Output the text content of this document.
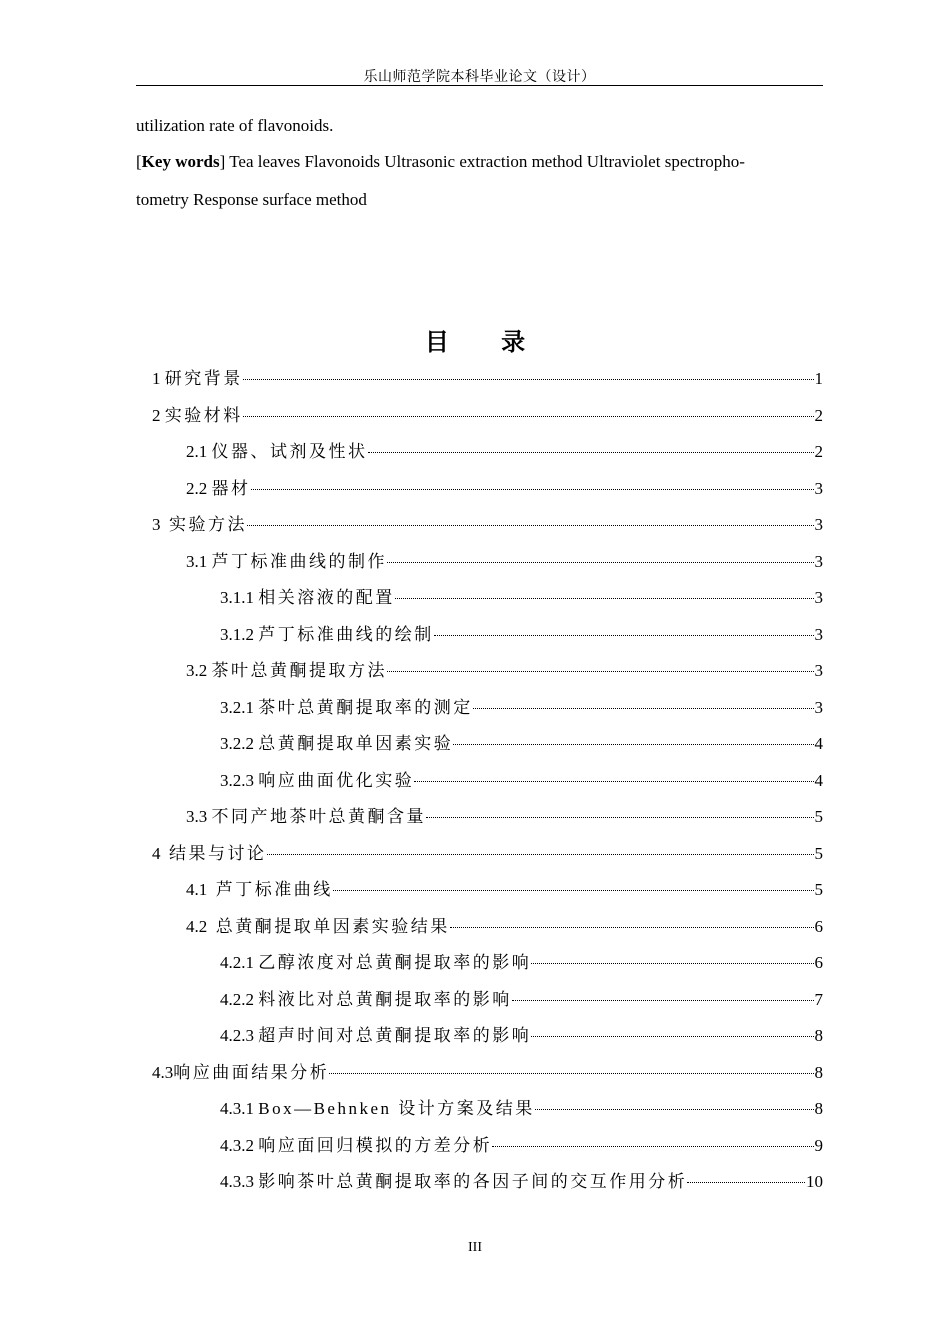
乐山师范学院本科毕业论文（设计）
utilization rate of flavonoids.
[Key words] Tea leaves Flavonoids Ultrasonic extraction method Ultraviolet spectropho-
tometry Response surface method
目 录
1 研究背景	1
2 实验材料	2
2.1 仪器、试剂及性状	2
2.2 器材	3
3 实验方法	3
3.1 芦丁标准曲线的制作	3
3.1.1 相关溶液的配置	3
3.1.2 芦丁标准曲线的绘制	3
3.2 茶叶总黄酮提取方法	3
3.2.1 茶叶总黄酮提取率的测定	3
3.2.2 总黄酮提取单因素实验	4
3.2.3 响应曲面优化实验	4
3.3 不同产地茶叶总黄酮含量	5
4 结果与讨论	5
4.1 芦丁标准曲线	5
4.2 总黄酮提取单因素实验结果	6
4.2.1 乙醇浓度对总黄酮提取率的影响	6
4.2.2 料液比对总黄酮提取率的影响	7
4.2.3 超声时间对总黄酮提取率的影响	8
4.3 响应曲面结果分析	8
4.3.1 Box—Behnken 设计方案及结果	8
4.3.2 响应面回归模拟的方差分析	9
4.3.3 影响茶叶总黄酮提取率的各因子间的交互作用分析	10
III
